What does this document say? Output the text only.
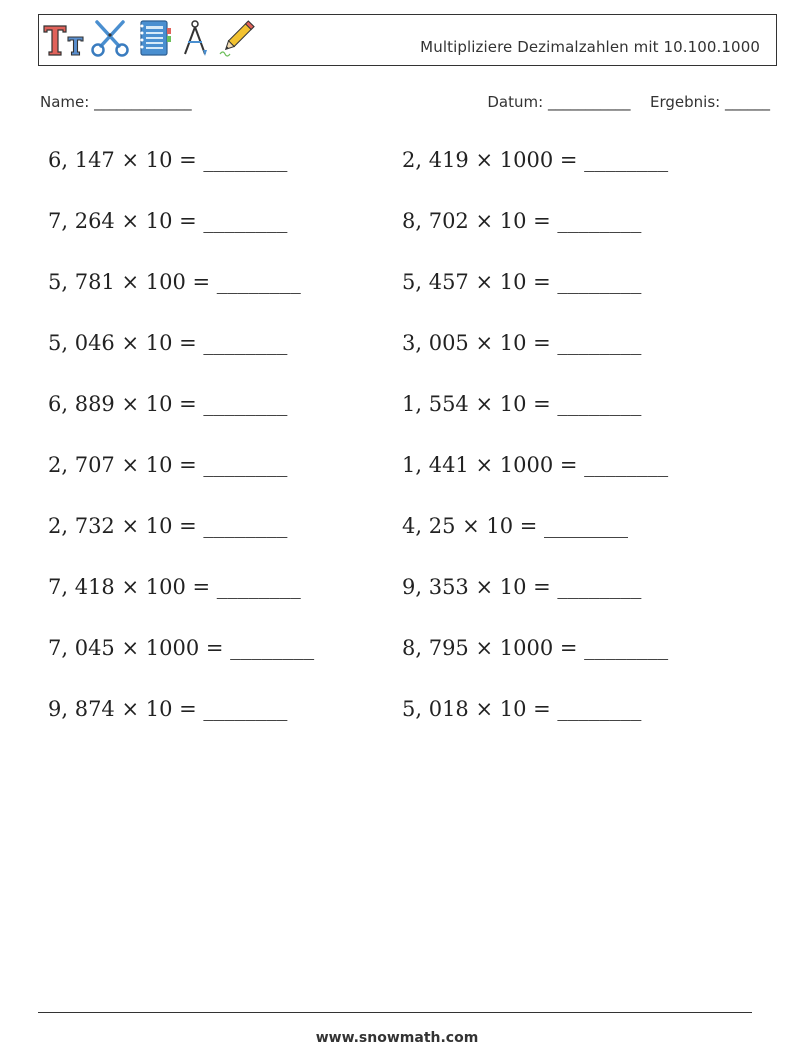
Multipliziere Dezimalzahlen mit 10.100.1000
Name: _____________	Datum: ___________ Ergebnis: ______
6, 147 × 10 = ________
7, 264 × 10 = ________
5, 781 × 100 = ________
5, 046 × 10 = ________
6, 889 × 10 = ________
2, 707 × 10 = ________
2, 732 × 10 = ________
7, 418 × 100 = ________
7, 045 × 1000 = ________
9, 874 × 10 = ________
2, 419 × 1000 = ________
8, 702 × 10 = ________
5, 457 × 10 = ________
3, 005 × 10 = ________
1, 554 × 10 = ________
1, 441 × 1000 = ________
4, 25 × 10 = ________
9, 353 × 10 = ________
8, 795 × 1000 = ________
5, 018 × 10 = ________
www.snowmath.com
